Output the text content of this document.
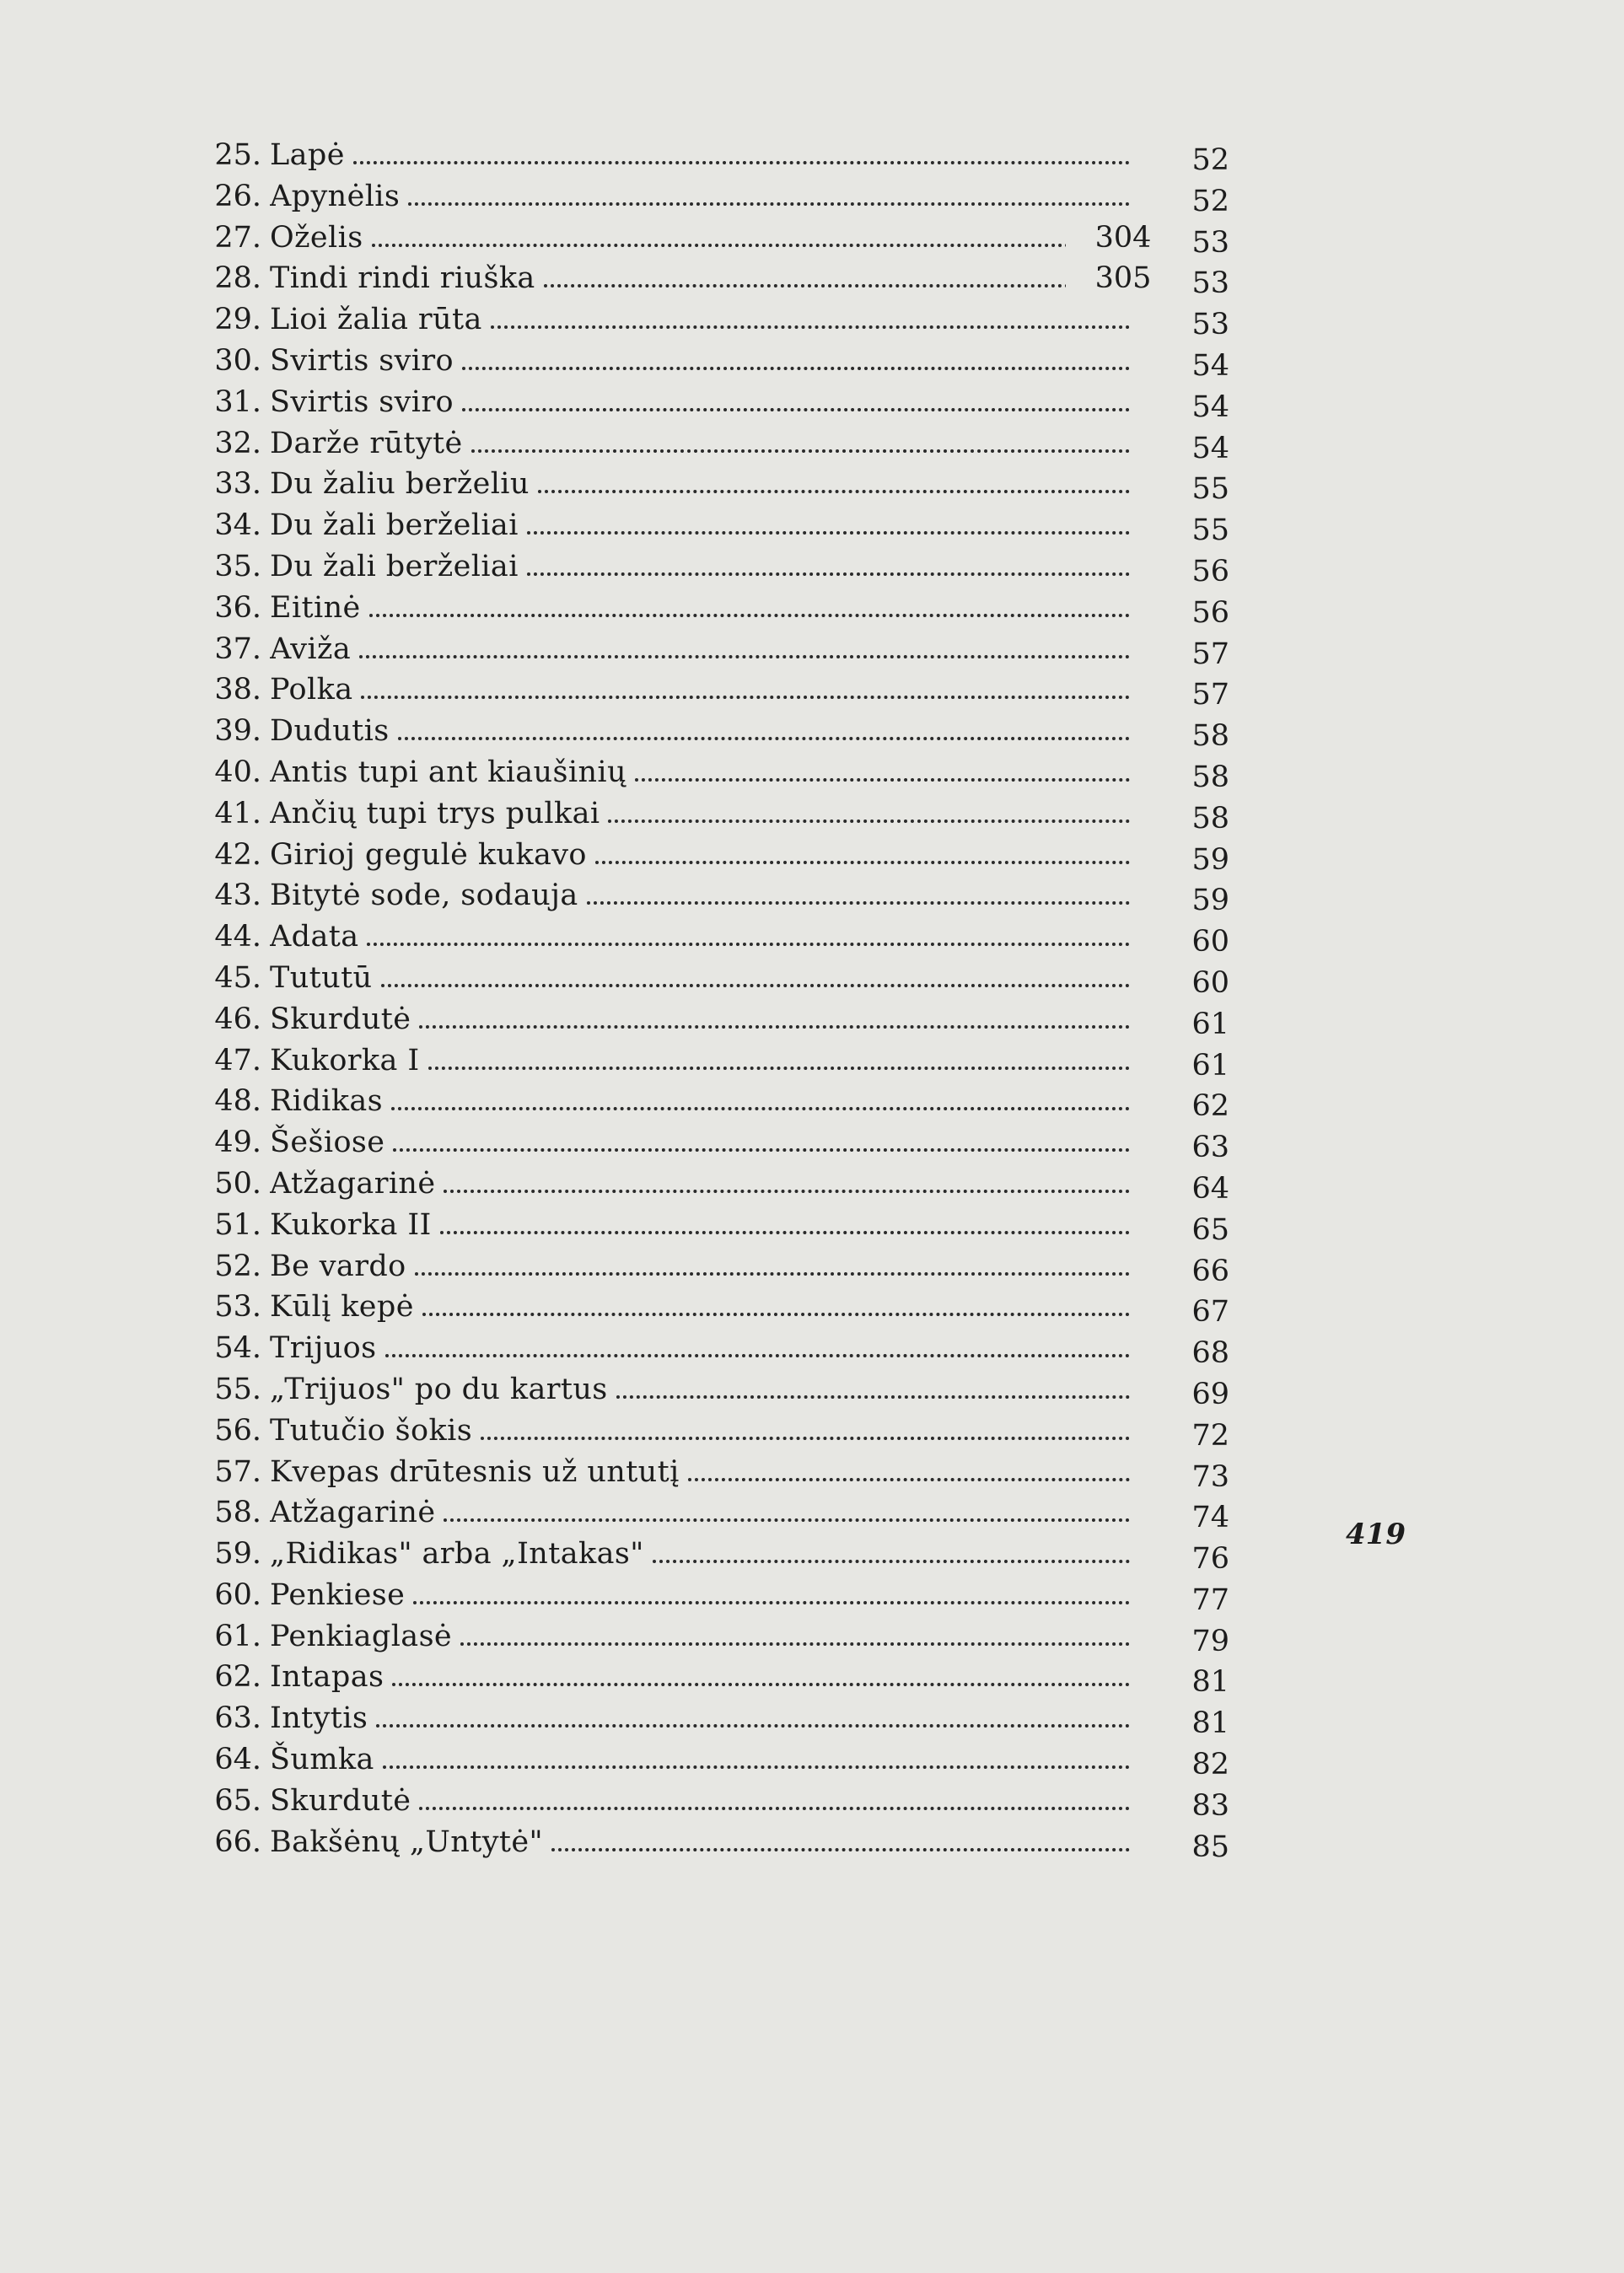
25. Lapė	52
26. Apynėlis	52
27. Oželis	304	53
28. Tindi rindi riuška	305	53
29. Lioi žalia rūta	53
30. Svirtis sviro	54
31. Svirtis sviro	54
32. Darže rūtytė	54
33. Du žaliu berželiu	55
34. Du žali berželiai	55
35. Du žali berželiai	56
36. Eitinė	56
37. Aviža	57
38. Polka	57
39. Dudutis	58
40. Antis tupi ant kiaušinių	58
41. Ančių tupi trys pulkai	58
42. Girioj gegulė kukavo	59
43. Bitytė sode, sodauja	59
44. Adata	60
45. Tututū	60
46. Skurdutė	61
47. Kukorka I	61
48. Ridikas	62
49. Šešiose	63
50. Atžagarinė	64
51. Kukorka II	65
52. Be vardo	66
53. Kūlį kepė	67
54. Trijuos	68
55. „Trijuos" po du kartus	69
56. Tutučio šokis	72
57. Kvepas drūtesnis už untutį	73
58. Atžagarinė	74
59. „Ridikas" arba „Intakas"	76
60. Penkiese	77
61. Penkiaglasė	79
62. Intapas	81
63. Intytis	81
64. Šumka	82
65. Skurdutė	83
66. Bakšėnų „Untytė"	85
419
